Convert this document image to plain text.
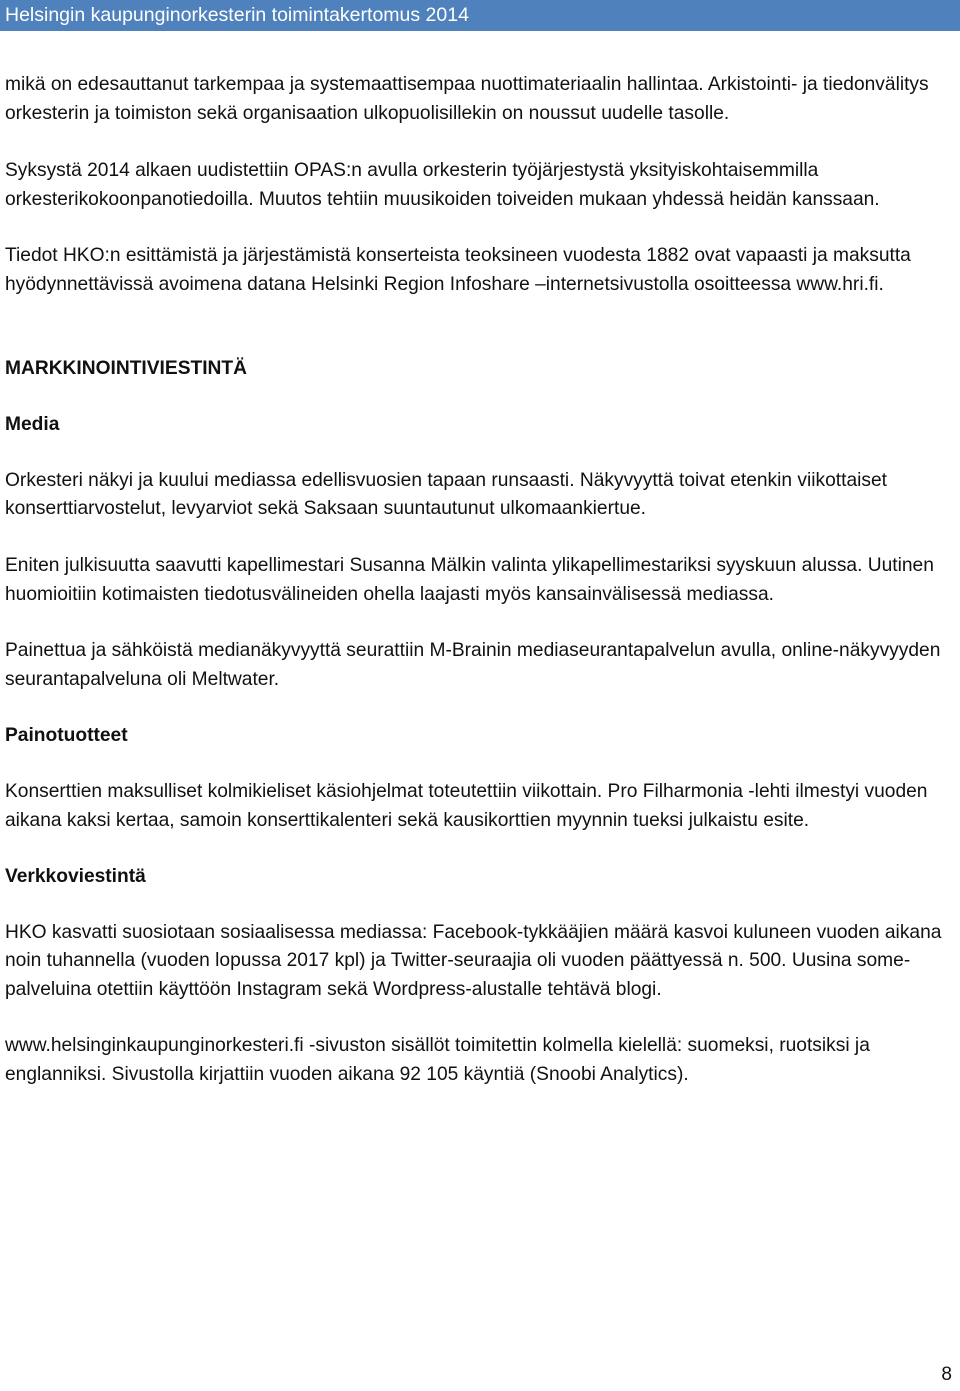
Helsingin kaupunginorkesterin toimintakertomus 2014

mikä on edesauttanut tarkempaa ja systemaattisempaa nuottimateriaalin hallintaa. Arkistointi- ja tiedonvälitys orkesterin ja toimiston sekä organisaation ulkopuolisillekin on noussut uudelle tasolle.

Syksystä 2014 alkaen uudistettiin OPAS:n avulla orkesterin työjärjestystä yksityiskohtaisemmilla orkesterikokoonpanotiedoilla. Muutos tehtiin muusikoiden toiveiden mukaan yhdessä heidän kanssaan.

Tiedot HKO:n esittämistä ja järjestämistä konserteista teoksineen vuodesta 1882 ovat vapaasti ja maksutta hyödynnettävissä avoimena datana Helsinki Region Infoshare –internetsivustolla osoitteessa www.hri.fi.

MARKKINOINTIVIESTINTÄ
Media

Orkesteri näkyi ja kuului mediassa edellisvuosien tapaan runsaasti. Näkyvyyttä toivat etenkin viikottaiset konserttiarvostelut, levyarviot sekä Saksaan suuntautunut ulkomaankiertue.

Eniten julkisuutta saavutti kapellimestari Susanna Mälkin valinta ylikapellimestariksi syyskuun alussa. Uutinen huomioitiin kotimaisten tiedotusvälineiden ohella laajasti myös kansainvälisessä mediassa.

Painettua ja sähköistä medianäkyvyyttä seurattiin M-Brainin mediaseurantapalvelun avulla, online-näkyvyyden seurantapalveluna oli Meltwater.

Painotuotteet

Konserttien maksulliset kolmikieliset käsiohjelmat toteutettiin viikottain. Pro Filharmonia -lehti ilmestyi vuoden aikana kaksi kertaa, samoin konserttikalenteri sekä kausikorttien myynnin tueksi julkaistu esite.

Verkkoviestintä

HKO kasvatti suosiotaan sosiaalisessa mediassa: Facebook-tykkääjien määrä kasvoi kuluneen vuoden aikana noin tuhannella (vuoden lopussa 2017 kpl) ja Twitter-seuraajia oli vuoden päättyessä n. 500. Uusina some-palveluina otettiin käyttöön Instagram sekä Wordpress-alustalle tehtävä blogi.

www.helsinginkaupunginorkesteri.fi -sivuston sisällöt toimitettin kolmella kielellä: suomeksi, ruotsiksi ja englanniksi. Sivustolla kirjattiin vuoden aikana 92 105 käyntiä (Snoobi Analytics).

8
